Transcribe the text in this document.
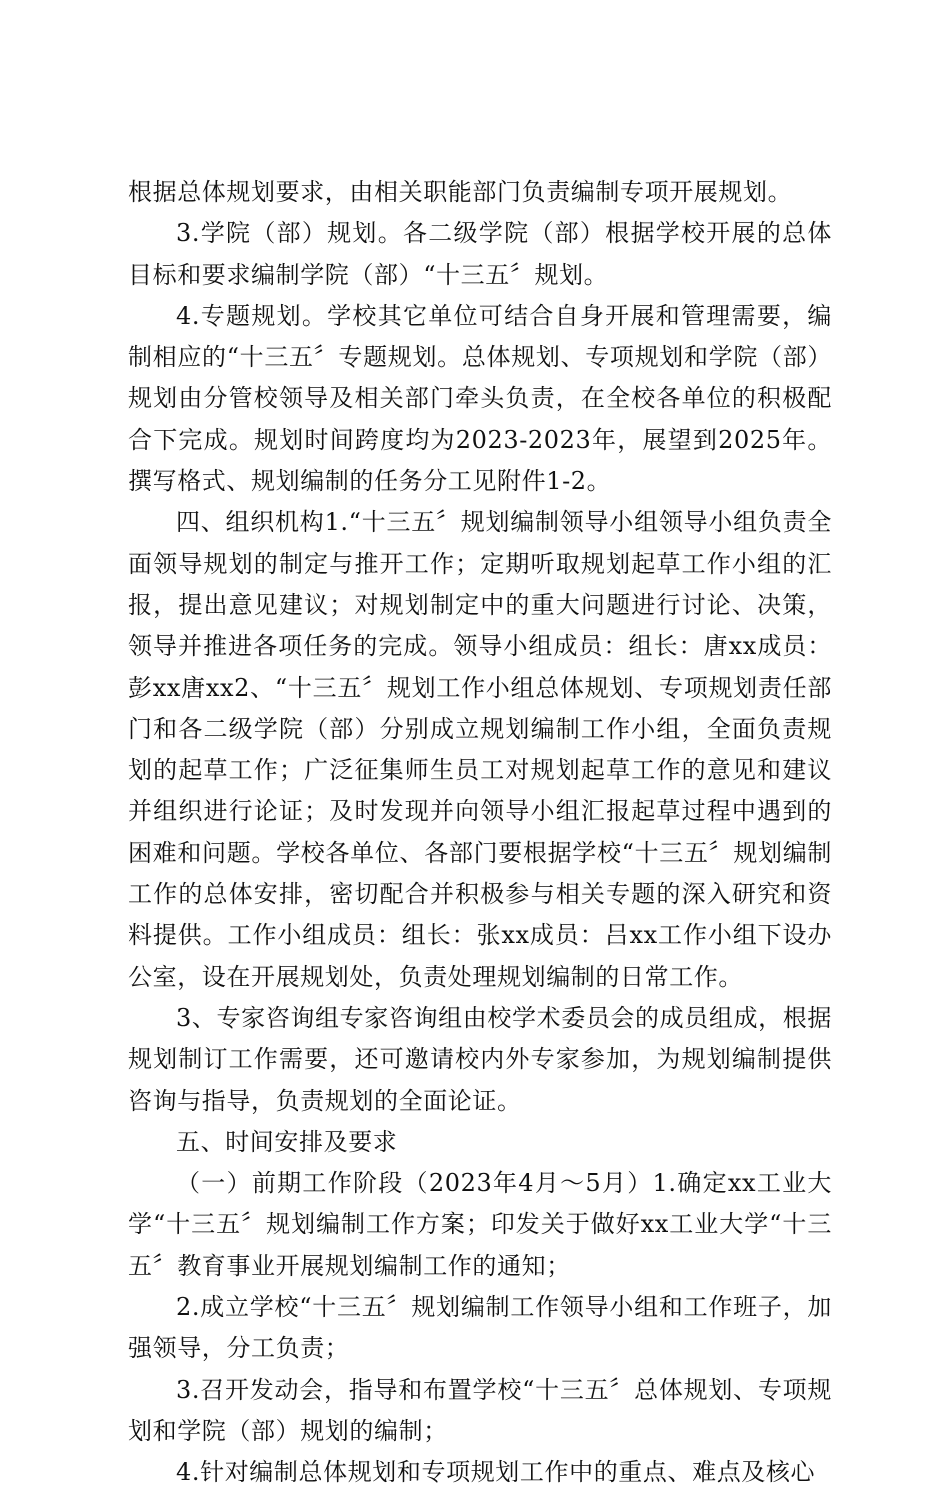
根据总体规划要求，由相关职能部门负责编制专项开展规划。

3.学院（部）规划。各二级学院（部）根据学校开展的总体目标和要求编制学院（部）“十三五〞规划。

4.专题规划。学校其它单位可结合自身开展和管理需要，编制相应的“十三五〞专题规划。总体规划、专项规划和学院（部）规划由分管校领导及相关部门牵头负责，在全校各单位的积极配合下完成。规划时间跨度均为2023-2023年，展望到2025年。撰写格式、规划编制的任务分工见附件1-2。

四、组织机构1.“十三五〞规划编制领导小组领导小组负责全面领导规划的制定与推开工作；定期听取规划起草工作小组的汇报，提出意见建议；对规划制定中的重大问题进行讨论、决策，领导并推进各项任务的完成。领导小组成员：组长：唐xx成员：彭xx唐xx2、“十三五〞规划工作小组总体规划、专项规划责任部门和各二级学院（部）分别成立规划编制工作小组，全面负责规划的起草工作；广泛征集师生员工对规划起草工作的意见和建议并组织进行论证；及时发现并向领导小组汇报起草过程中遇到的困难和问题。学校各单位、各部门要根据学校“十三五〞规划编制工作的总体安排，密切配合并积极参与相关专题的深入研究和资料提供。工作小组成员：组长：张xx成员：吕xx工作小组下设办公室，设在开展规划处，负责处理规划编制的日常工作。

3、专家咨询组专家咨询组由校学术委员会的成员组成，根据规划制订工作需要，还可邀请校内外专家参加，为规划编制提供咨询与指导，负责规划的全面论证。

五、时间安排及要求

（一）前期工作阶段（2023年4月～5月）1.确定xx工业大学“十三五〞规划编制工作方案；印发关于做好xx工业大学“十三五〞教育事业开展规划编制工作的通知；

2.成立学校“十三五〞规划编制工作领导小组和工作班子，加强领导，分工负责；

3.召开发动会，指导和布置学校“十三五〞总体规划、专项规划和学院（部）规划的编制；

4.针对编制总体规划和专项规划工作中的重点、难点及核心
